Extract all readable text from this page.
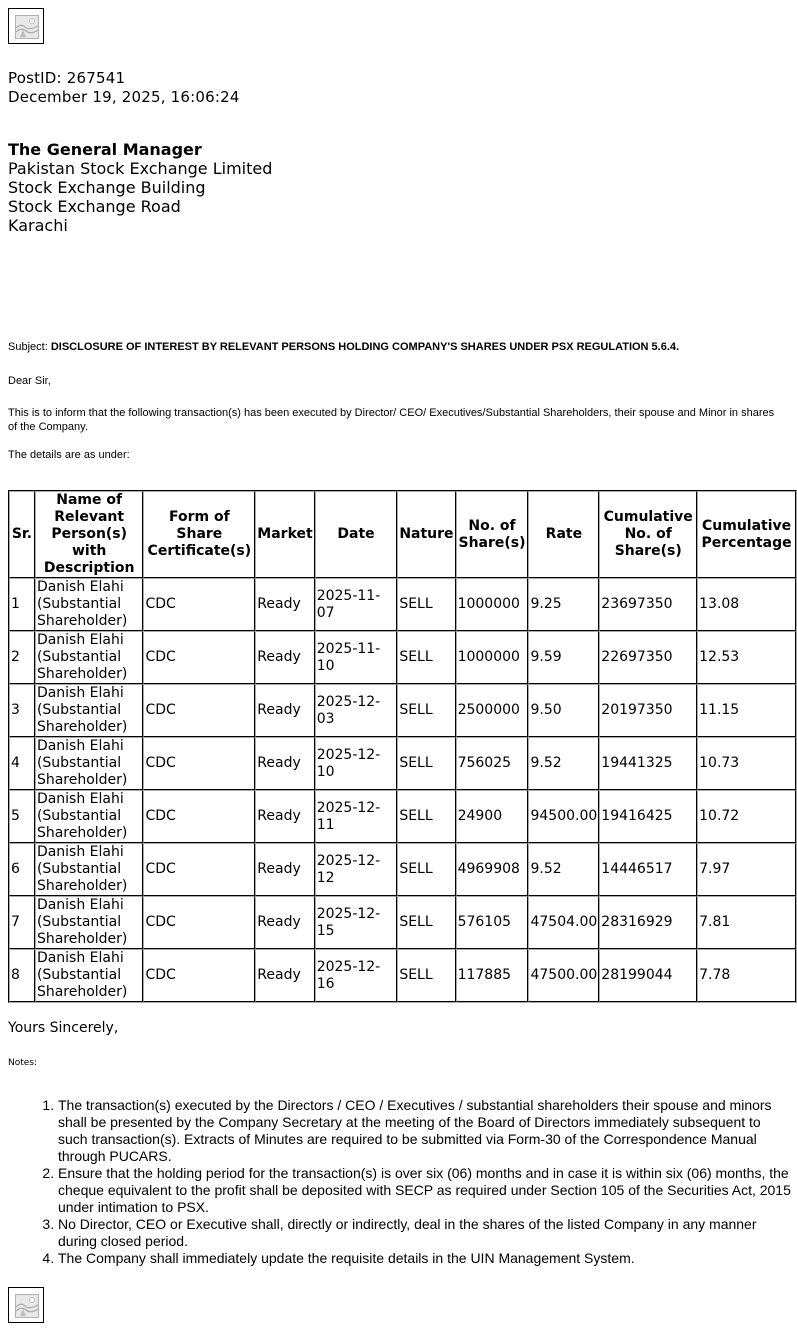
PostID: 267541
December 19, 2025, 16:06:24
The General Manager
Pakistan Stock Exchange Limited
Stock Exchange Building
Stock Exchange Road
Karachi
Subject: DISCLOSURE OF INTEREST BY RELEVANT PERSONS HOLDING COMPANY'S SHARES UNDER PSX REGULATION 5.6.4.
Dear Sir,
This is to inform that the following transaction(s) has been executed by Director/ CEO/ Executives/Substantial Shareholders, their spouse and Minor in shares of the Company.
The details are as under:
Sr.	Name of Relevant Person(s) with Description	Form of Share Certificate(s)	Market	Date	Nature	No. of Share(s)	Rate	Cumulative No. of Share(s)	Cumulative Percentage
1	Danish Elahi (Substantial Shareholder)	CDC	Ready	2025-11-07	SELL	1000000	9.25	23697350	13.08
2	Danish Elahi (Substantial Shareholder)	CDC	Ready	2025-11-10	SELL	1000000	9.59	22697350	12.53
3	Danish Elahi (Substantial Shareholder)	CDC	Ready	2025-12-03	SELL	2500000	9.50	20197350	11.15
4	Danish Elahi (Substantial Shareholder)	CDC	Ready	2025-12-10	SELL	756025	9.52	19441325	10.73
5	Danish Elahi (Substantial Shareholder)	CDC	Ready	2025-12-11	SELL	24900	94500.00	19416425	10.72
6	Danish Elahi (Substantial Shareholder)	CDC	Ready	2025-12-12	SELL	4969908	9.52	14446517	7.97
7	Danish Elahi (Substantial Shareholder)	CDC	Ready	2025-12-15	SELL	576105	47504.00	28316929	7.81
8	Danish Elahi (Substantial Shareholder)	CDC	Ready	2025-12-16	SELL	117885	47500.00	28199044	7.78
Yours Sincerely,
Notes:
1. The transaction(s) executed by the Directors / CEO / Executives / substantial shareholders their spouse and minors shall be presented by the Company Secretary at the meeting of the Board of Directors immediately subsequent to such transaction(s). Extracts of Minutes are required to be submitted via Form-30 of the Correspondence Manual through PUCARS.
2. Ensure that the holding period for the transaction(s) is over six (06) months and in case it is within six (06) months, the cheque equivalent to the profit shall be deposited with SECP as required under Section 105 of the Securities Act, 2015 under intimation to PSX.
3. No Director, CEO or Executive shall, directly or indirectly, deal in the shares of the listed Company in any manner during closed period.
4. The Company shall immediately update the requisite details in the UIN Management System.
